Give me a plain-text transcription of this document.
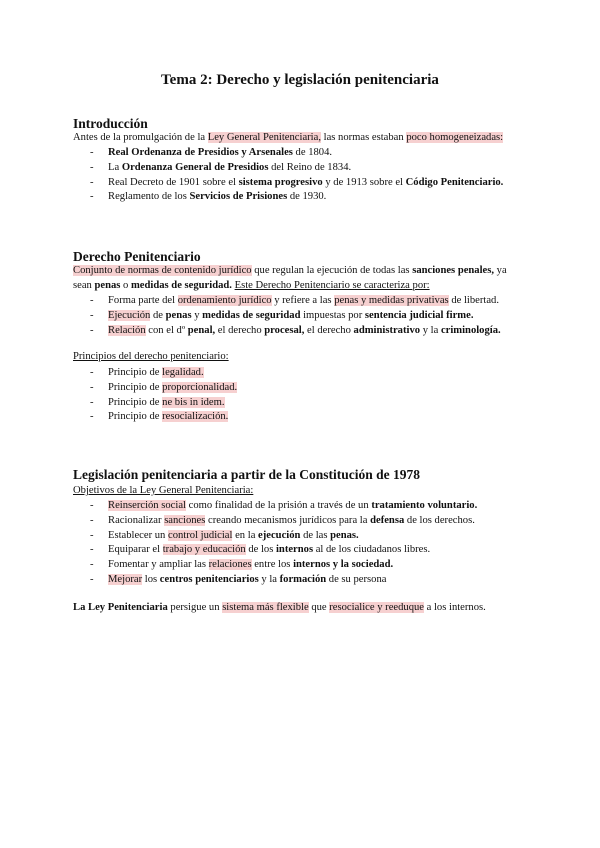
Tema 2: Derecho y legislación penitenciaria
Introducción
Antes de la promulgación de la Ley General Penitenciaria, las normas estaban poco homogeneizadas:
- Real Ordenanza de Presidios y Arsenales de 1804.
- La Ordenanza General de Presidios del Reino de 1834.
- Real Decreto de 1901 sobre el sistema progresivo y de 1913 sobre el Código Penitenciario.
- Reglamento de los Servicios de Prisiones de 1930.
Derecho Penitenciario
Conjunto de normas de contenido jurídico que regulan la ejecución de todas las sanciones penales, ya
sean penas o medidas de seguridad. Este Derecho Penitenciario se caracteriza por:
- Forma parte del ordenamiento jurídico y refiere a las penas y medidas privativas de libertad.
- Ejecución de penas y medidas de seguridad impuestas por sentencia judicial firme.
- Relación con el dº penal, el derecho procesal, el derecho administrativo y la criminología.
Principios del derecho penitenciario:
- Principio de legalidad.
- Principio de proporcionalidad.
- Principio de ne bis in idem.
- Principio de resocialización.
Legislación penitenciaria a partir de la Constitución de 1978
Objetivos de la Ley General Penitenciaria:
- Reinserción social como finalidad de la prisión a través de un tratamiento voluntario.
- Racionalizar sanciones creando mecanismos jurídicos para la defensa de los derechos.
- Establecer un control judicial en la ejecución de las penas.
- Equiparar el trabajo y educación de los internos al de los ciudadanos libres.
- Fomentar y ampliar las relaciones entre los internos y la sociedad.
- Mejorar los centros penitenciarios y la formación de su persona
La Ley Penitenciaria persigue un sistema más flexible que resocialice y reeduque a los internos.
